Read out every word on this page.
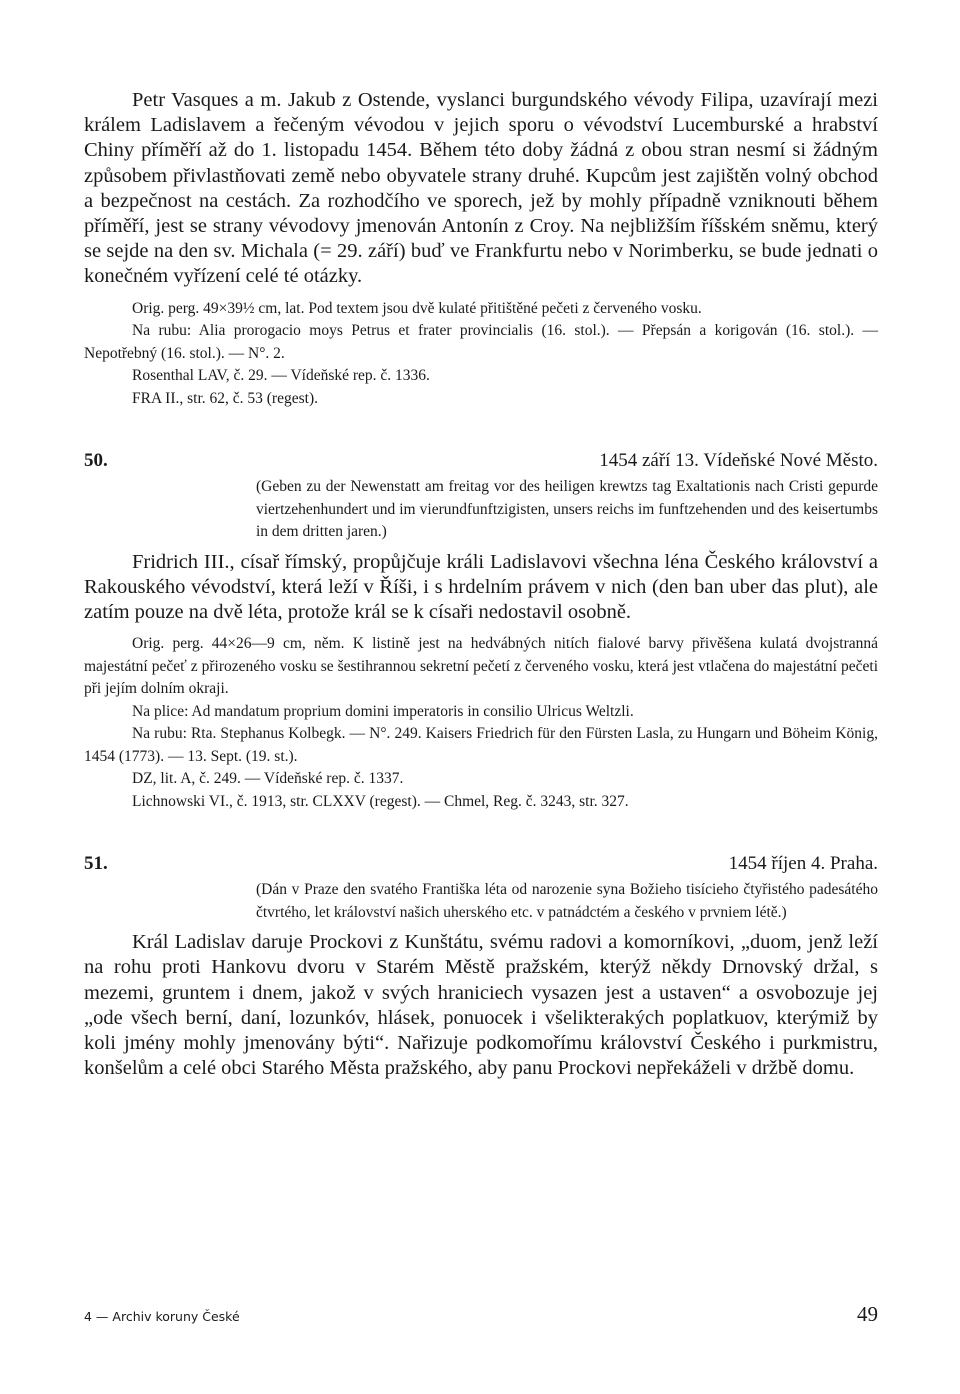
Petr Vasques a m. Jakub z Ostende, vyslanci burgundského vévody Filipa, uzavírají mezi králem Ladislavem a řečeným vévodou v jejich sporu o vévodství Lucemburské a hrabství Chiny příměří až do 1. listopadu 1454. Během této doby žádná z obou stran nesmí si žádným způsobem přivlastňovati země nebo obyvatele strany druhé. Kupcům jest zajištěn volný obchod a bezpečnost na cestách. Za rozhodčího ve sporech, jež by mohly případně vzniknouti během příměří, jest se strany vévodovy jmenován Antonín z Croy. Na nejbližším říšském sněmu, který se sejde na den sv. Michala (= 29. září) buď ve Frankfurtu nebo v Norimberku, se bude jednati o konečném vyřízení celé té otázky.

Orig. perg. 49×39½ cm, lat. Pod textem jsou dvě kulaté přitištěné pečeti z červeného vosku.

Na rubu: Alia prorogacio moys Petrus et frater provincialis (16. stol.). — Přepsán a korigován (16. stol.). — Nepotřebný (16. stol.). — N°. 2.

Rosenthal LAV, č. 29. — Vídeňské rep. č. 1336.

FRA II., str. 62, č. 53 (regest).

50.	1454 září 13. Vídeňské Nové Město.
(Geben zu der Newenstatt am freitag vor des heiligen krewtzs tag Exaltationis nach Cristi gepurde viertzehenhundert und im vierundfunftzigisten, unsers reichs im funftzehenden und des keisertumbs in dem dritten jaren.)

Fridrich III., císař římský, propůjčuje králi Ladislavovi všechna léna Českého království a Rakouského vévodství, která leží v Říši, i s hrdelním právem v nich (den ban uber das plut), ale zatím pouze na dvě léta, protože král se k císaři nedostavil osobně.

Orig. perg. 44×26—9 cm, něm. K listině jest na hedvábných nitích fialové barvy přivěšena kulatá dvojstranná majestátní pečeť z přirozeného vosku se šestihrannou sekretní pečetí z červeného vosku, která jest vtlačena do majestátní pečeti při jejím dolním okraji.

Na plice: Ad mandatum proprium domini imperatoris in consilio Ulricus Weltzli.

Na rubu: Rta. Stephanus Kolbegk. — N°. 249. Kaisers Friedrich für den Fürsten Lasla, zu Hungarn und Böheim König, 1454 (1773). — 13. Sept. (19. st.).

DZ, lit. A, č. 249. — Vídeňské rep. č. 1337.

Lichnowski VI., č. 1913, str. CLXXV (regest). — Chmel, Reg. č. 3243, str. 327.

51.	1454 říjen 4. Praha.
(Dán v Praze den svatého Františka léta od narozenie syna Božieho tisícieho čtyřistého padesátého čtvrtého, let království našich uherského etc. v patnádctém a českého v prvniem létě.)

Král Ladislav daruje Prockovi z Kunštátu, svému radovi a komorníkovi, „duom, jenž leží na rohu proti Hankovu dvoru v Starém Městě pražském, kterýž někdy Drnovský držal, s mezemi, gruntem i dnem, jakož v svých hraniciech vysazen jest a ustaven“ a osvobozuje jej „ode všech berní, daní, lozunkóv, hlásek, ponuocek i všelikterakých poplatkuov, kterýmiž by koli jmény mohly jmenovány býti“. Nařizuje podkomořímu království Českého i purkmistru, konšelům a celé obci Starého Města pražského, aby panu Prockovi nepřekáželi v držbě domu.

4 — Archiv koruny České	49
